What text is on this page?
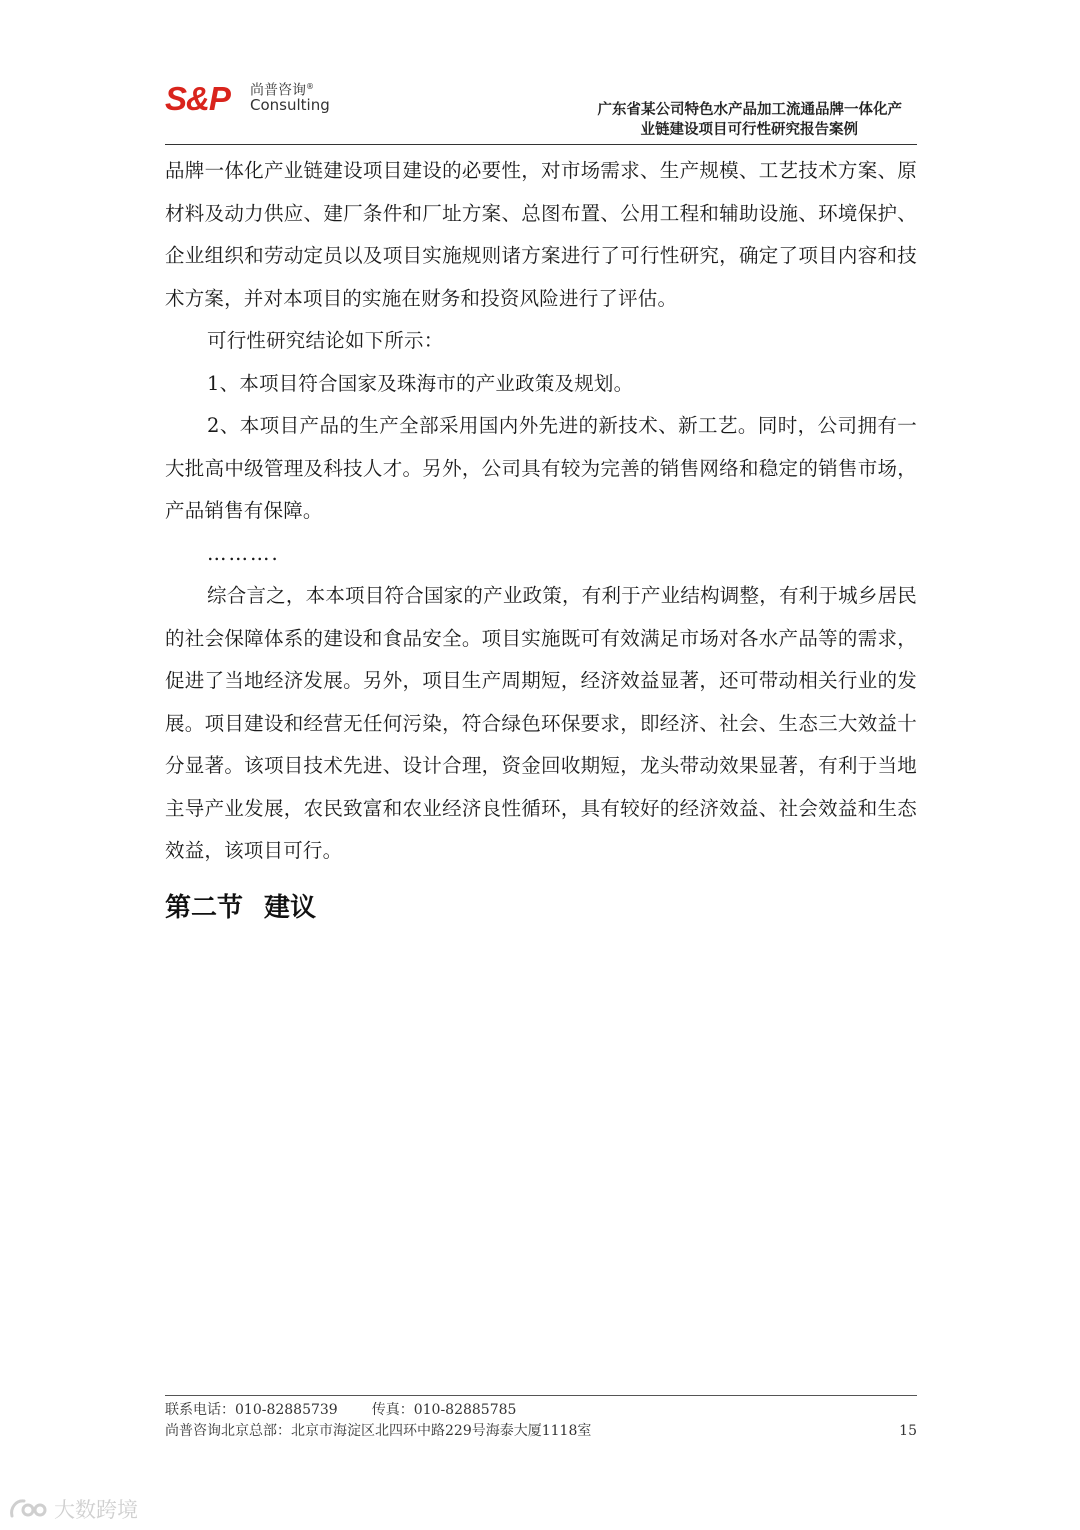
S&P 尚普咨询®
Consulting	广东省某公司特色水产品加工流通品牌一体化产
业链建设项目可行性研究报告案例

品牌一体化产业链建设项目建设的必要性，对市场需求、生产规模、工艺技术方案、原材料及动力供应、建厂条件和厂址方案、总图布置、公用工程和辅助设施、环境保护、企业组织和劳动定员以及项目实施规则诸方案进行了可行性研究，确定了项目内容和技术方案，并对本项目的实施在财务和投资风险进行了评估。

可行性研究结论如下所示：

1、本项目符合国家及珠海市的产业政策及规划。

2、本项目产品的生产全部采用国内外先进的新技术、新工艺。同时，公司拥有一大批高中级管理及科技人才。另外，公司具有较为完善的销售网络和稳定的销售市场，产品销售有保障。

……….

综合言之，本本项目符合国家的产业政策，有利于产业结构调整，有利于城乡居民的社会保障体系的建设和食品安全。项目实施既可有效满足市场对各水产品等的需求，促进了当地经济发展。另外，项目生产周期短，经济效益显著，还可带动相关行业的发展。项目建设和经营无任何污染，符合绿色环保要求，即经济、社会、生态三大效益十分显著。该项目技术先进、设计合理，资金回收期短，龙头带动效果显著，有利于当地主导产业发展，农民致富和农业经济良性循环，具有较好的经济效益、社会效益和生态效益，该项目可行。

第二节 建议
联系电话：010-82885739 传真：010-82885785
尚普咨询北京总部：北京市海淀区北四环中路229号海泰大厦1118室	15
大数跨境
